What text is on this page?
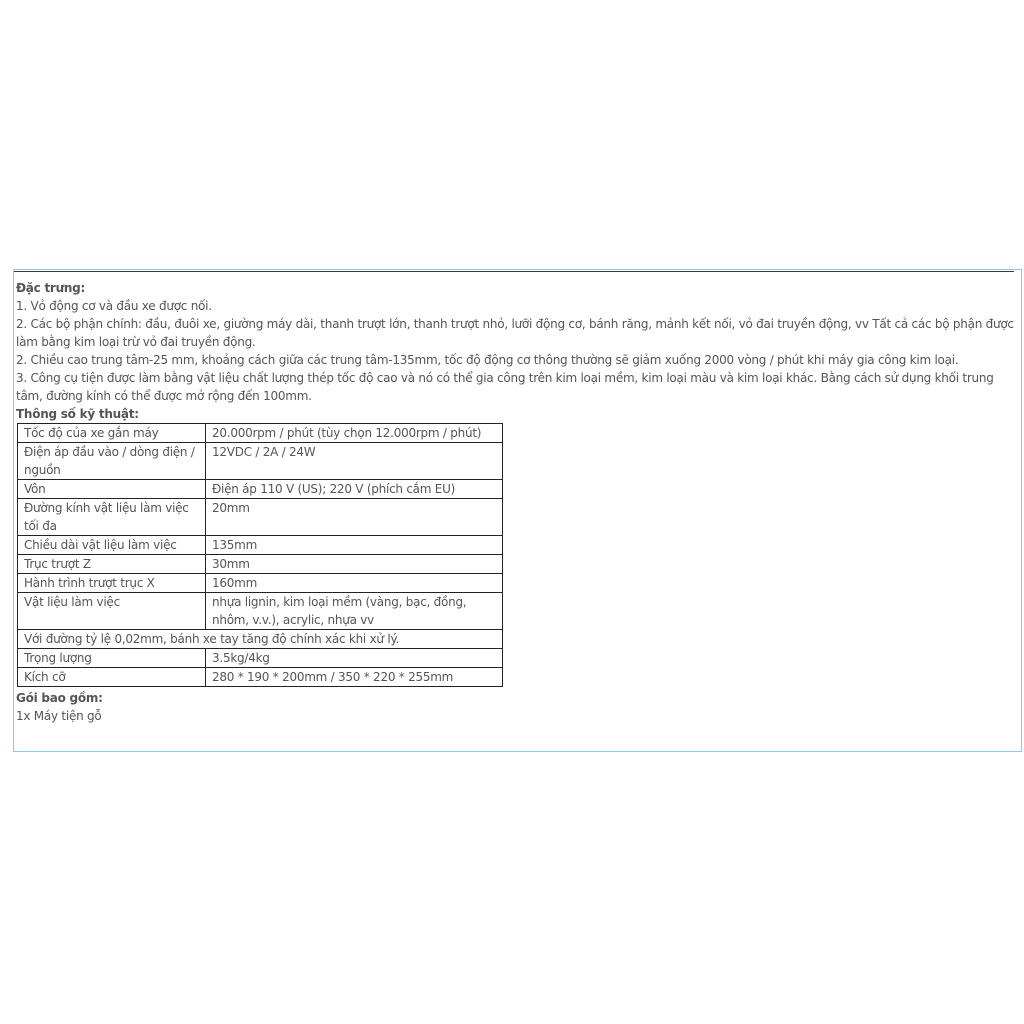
Đặc trưng:

1. Vỏ động cơ và đầu xe được nối.

2. Các bộ phận chính: đầu, đuôi xe, giường máy dài, thanh trượt lớn, thanh trượt nhỏ, lưỡi động cơ, bánh răng, mảnh kết nối, vỏ đai truyền động, vv Tất cả các bộ phận được làm bằng kim loại trừ vỏ đai truyền động.

2. Chiều cao trung tâm-25 mm, khoảng cách giữa các trung tâm-135mm, tốc độ động cơ thông thường sẽ giảm xuống 2000 vòng / phút khi máy gia công kim loại.

3. Công cụ tiện được làm bằng vật liệu chất lượng thép tốc độ cao và nó có thể gia công trên kim loại mềm, kim loại màu và kim loại khác. Bằng cách sử dụng khối trung tâm, đường kính có thể được mở rộng đến 100mm.

Thông số kỹ thuật:

Tốc độ của xe gắn máy	20.000rpm / phút (tùy chọn 12.000rpm / phút)
Điện áp đầu vào / dòng điện / nguồn	12VDC / 2A / 24W
Vôn	Điện áp 110 V (US); 220 V (phích cắm EU)
Đường kính vật liệu làm việc tối đa	20mm
Chiều dài vật liệu làm việc	135mm
Trục trượt Z	30mm
Hành trình trượt trục X	160mm
Vật liệu làm việc	nhựa lignin, kim loại mềm (vàng, bạc, đồng, nhôm, v.v.), acrylic, nhựa vv
Với đường tỷ lệ 0,02mm, bánh xe tay tăng độ chính xác khi xử lý.	
Trọng lượng	3.5kg/4kg
Kích cỡ	280 * 190 * 200mm / 350 * 220 * 255mm

Gói bao gồm:

1x Máy tiện gỗ
